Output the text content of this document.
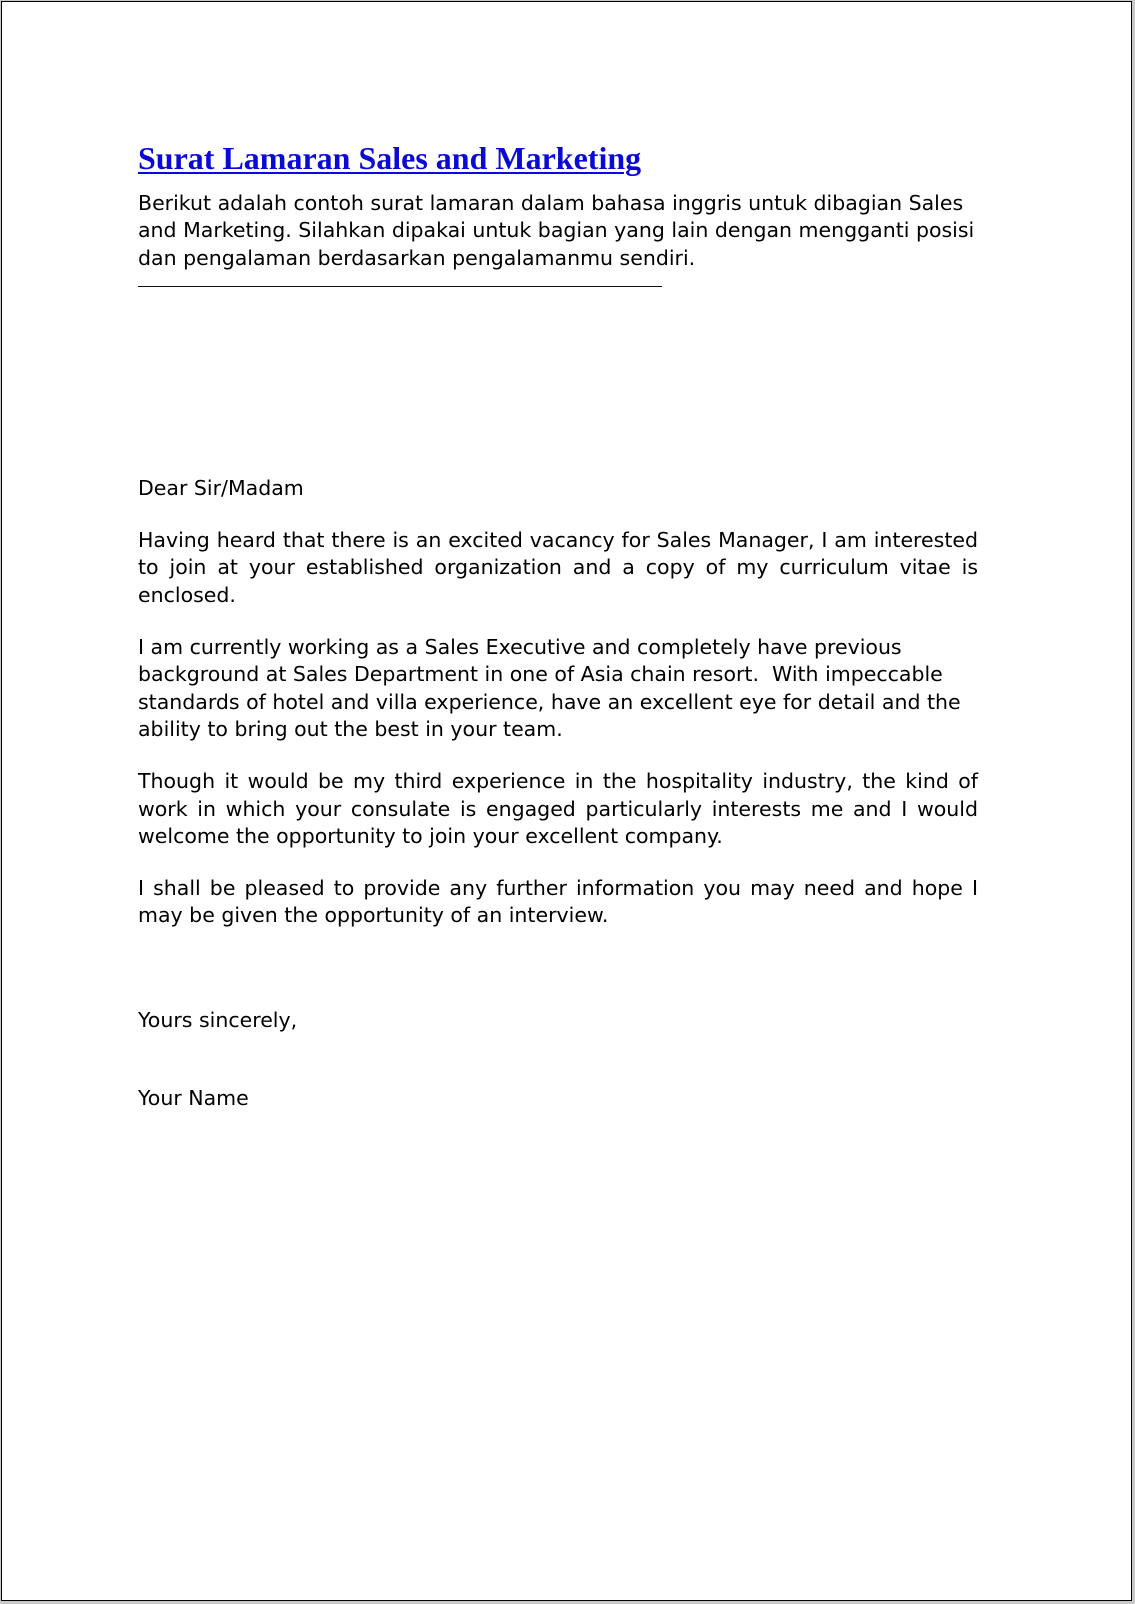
Surat Lamaran Sales and Marketing

Berikut adalah contoh surat lamaran dalam bahasa inggris untuk dibagian Sales and Marketing. Silahkan dipakai untuk bagian yang lain dengan mengganti posisi dan pengalaman berdasarkan pengalamanmu sendiri.

Dear Sir/Madam

Having heard that there is an excited vacancy for Sales Manager, I am interested to join at your established organization and a copy of my curriculum vitae is enclosed.

I am currently working as a Sales Executive and completely have previous background at Sales Department in one of Asia chain resort.  With impeccable standards of hotel and villa experience, have an excellent eye for detail and the ability to bring out the best in your team.

Though it would be my third experience in the hospitality industry, the kind of work in which your consulate is engaged particularly interests me and I would welcome the opportunity to join your excellent company.

I shall be pleased to provide any further information you may need and hope I may be given the opportunity of an interview.

Yours sincerely,

Your Name
